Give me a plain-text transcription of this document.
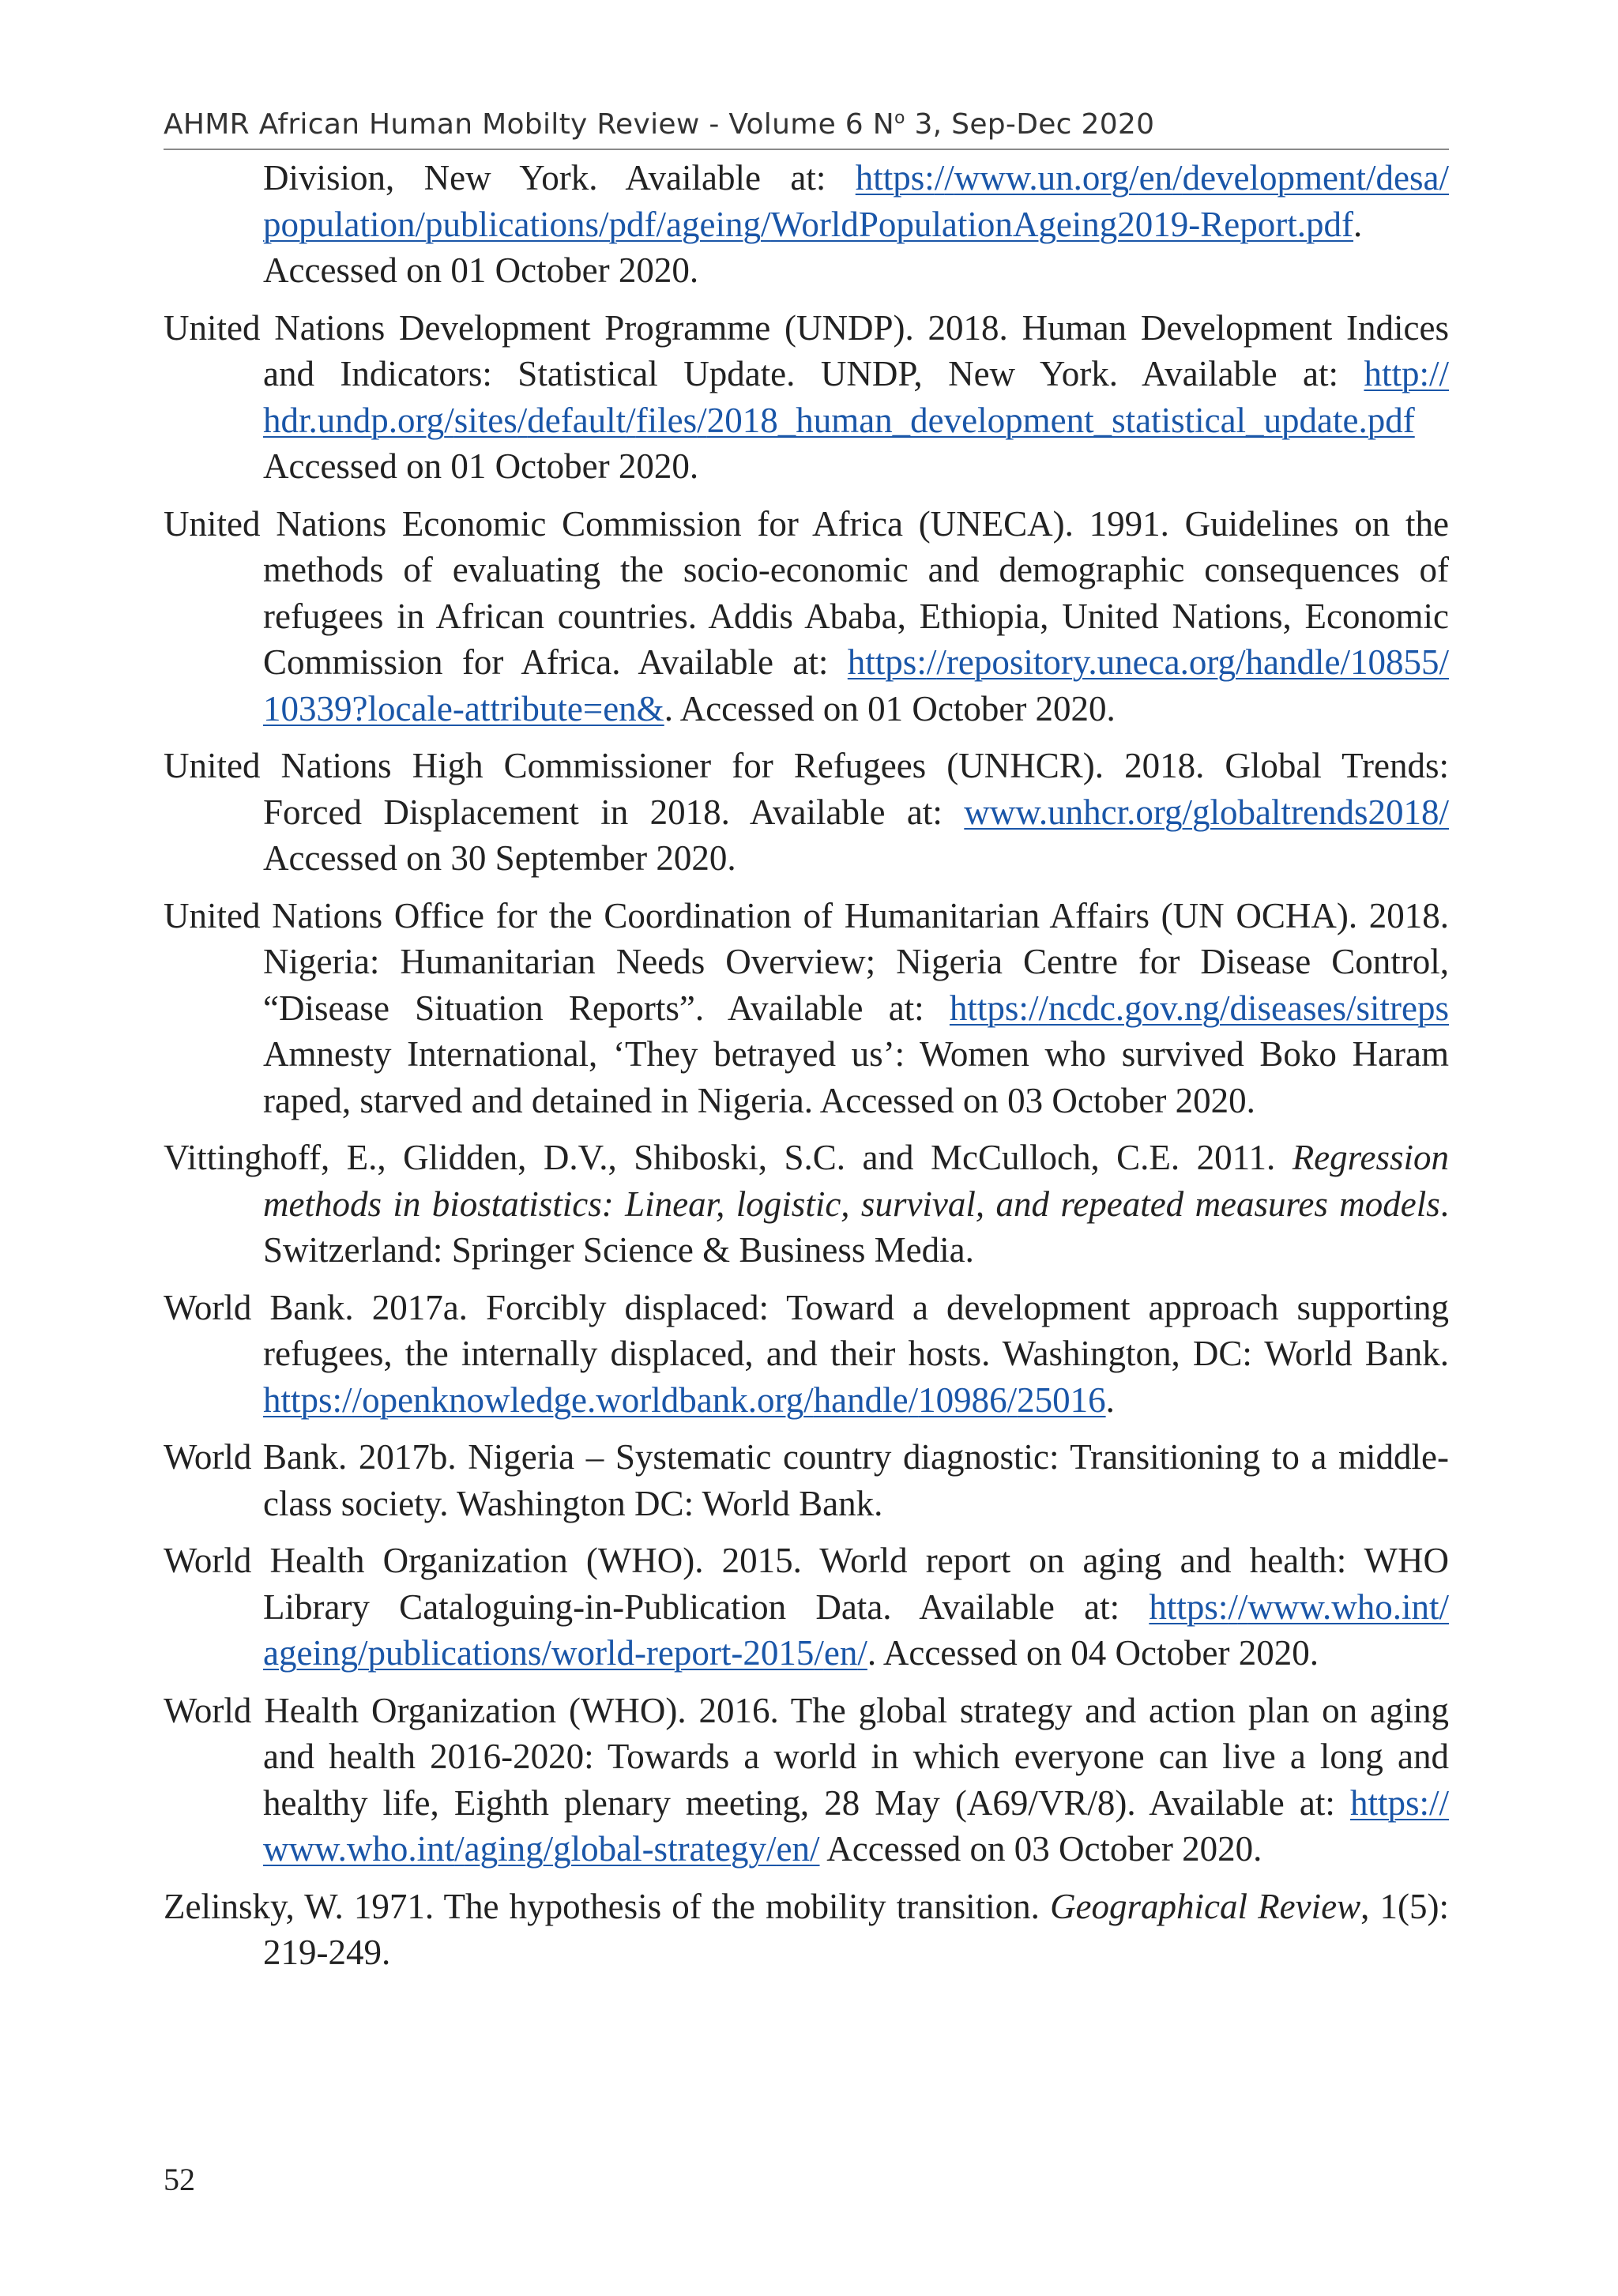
AHMR African Human Mobilty Review - Volume 6 $N^o$ 3, Sep-Dec 2020

Division, New York. Available at: https://www.un.org/en/development/desa/population/publications/pdf/ageing/WorldPopulationAgeing2019-Report.pdf. Accessed on 01 October 2020.

United Nations Development Programme (UNDP). 2018. Human Development Indices and Indicators: Statistical Update. UNDP, New York. Available at: http://hdr.undp.org/sites/default/files/2018_human_development_statistical_update.pdf Accessed on 01 October 2020.

United Nations Economic Commission for Africa (UNECA). 1991. Guidelines on the methods of evaluating the socio-economic and demographic consequences of refugees in African countries. Addis Ababa, Ethiopia, United Nations, Economic Commission for Africa. Available at: https://repository.uneca.org/handle/10855/10339?locale-attribute=en&. Accessed on 01 October 2020.

United Nations High Commissioner for Refugees (UNHCR). 2018. Global Trends: Forced Displacement in 2018. Available at: www.unhcr.org/globaltrends2018/ Accessed on 30 September 2020.

United Nations Office for the Coordination of Humanitarian Affairs (UN OCHA). 2018. Nigeria: Humanitarian Needs Overview; Nigeria Centre for Disease Control, “Disease Situation Reports”. Available at: https://ncdc.gov.ng/diseases/sitreps Amnesty International, ‘They betrayed us’: Women who survived Boko Haram raped, starved and detained in Nigeria. Accessed on 03 October 2020.

Vittinghoff, E., Glidden, D.V., Shiboski, S.C. and McCulloch, C.E. 2011. Regression methods in biostatistics: Linear, logistic, survival, and repeated measures models. Switzerland: Springer Science & Business Media.

World Bank. 2017a. Forcibly displaced: Toward a development approach supporting refugees, the internally displaced, and their hosts. Washington, DC: World Bank. https://openknowledge.worldbank.org/handle/10986/25016.

World Bank. 2017b. Nigeria – Systematic country diagnostic: Transitioning to a middle-class society. Washington DC: World Bank.

World Health Organization (WHO). 2015. World report on aging and health: WHO Library Cataloguing-in-Publication Data. Available at: https://www.who.int/ageing/publications/world-report-2015/en/. Accessed on 04 October 2020.

World Health Organization (WHO). 2016. The global strategy and action plan on aging and health 2016-2020: Towards a world in which everyone can live a long and healthy life, Eighth plenary meeting, 28 May (A69/VR/8). Available at: https://www.who.int/aging/global-strategy/en/ Accessed on 03 October 2020.

Zelinsky, W. 1971. The hypothesis of the mobility transition. Geographical Review, 1(5): 219-249.

52
